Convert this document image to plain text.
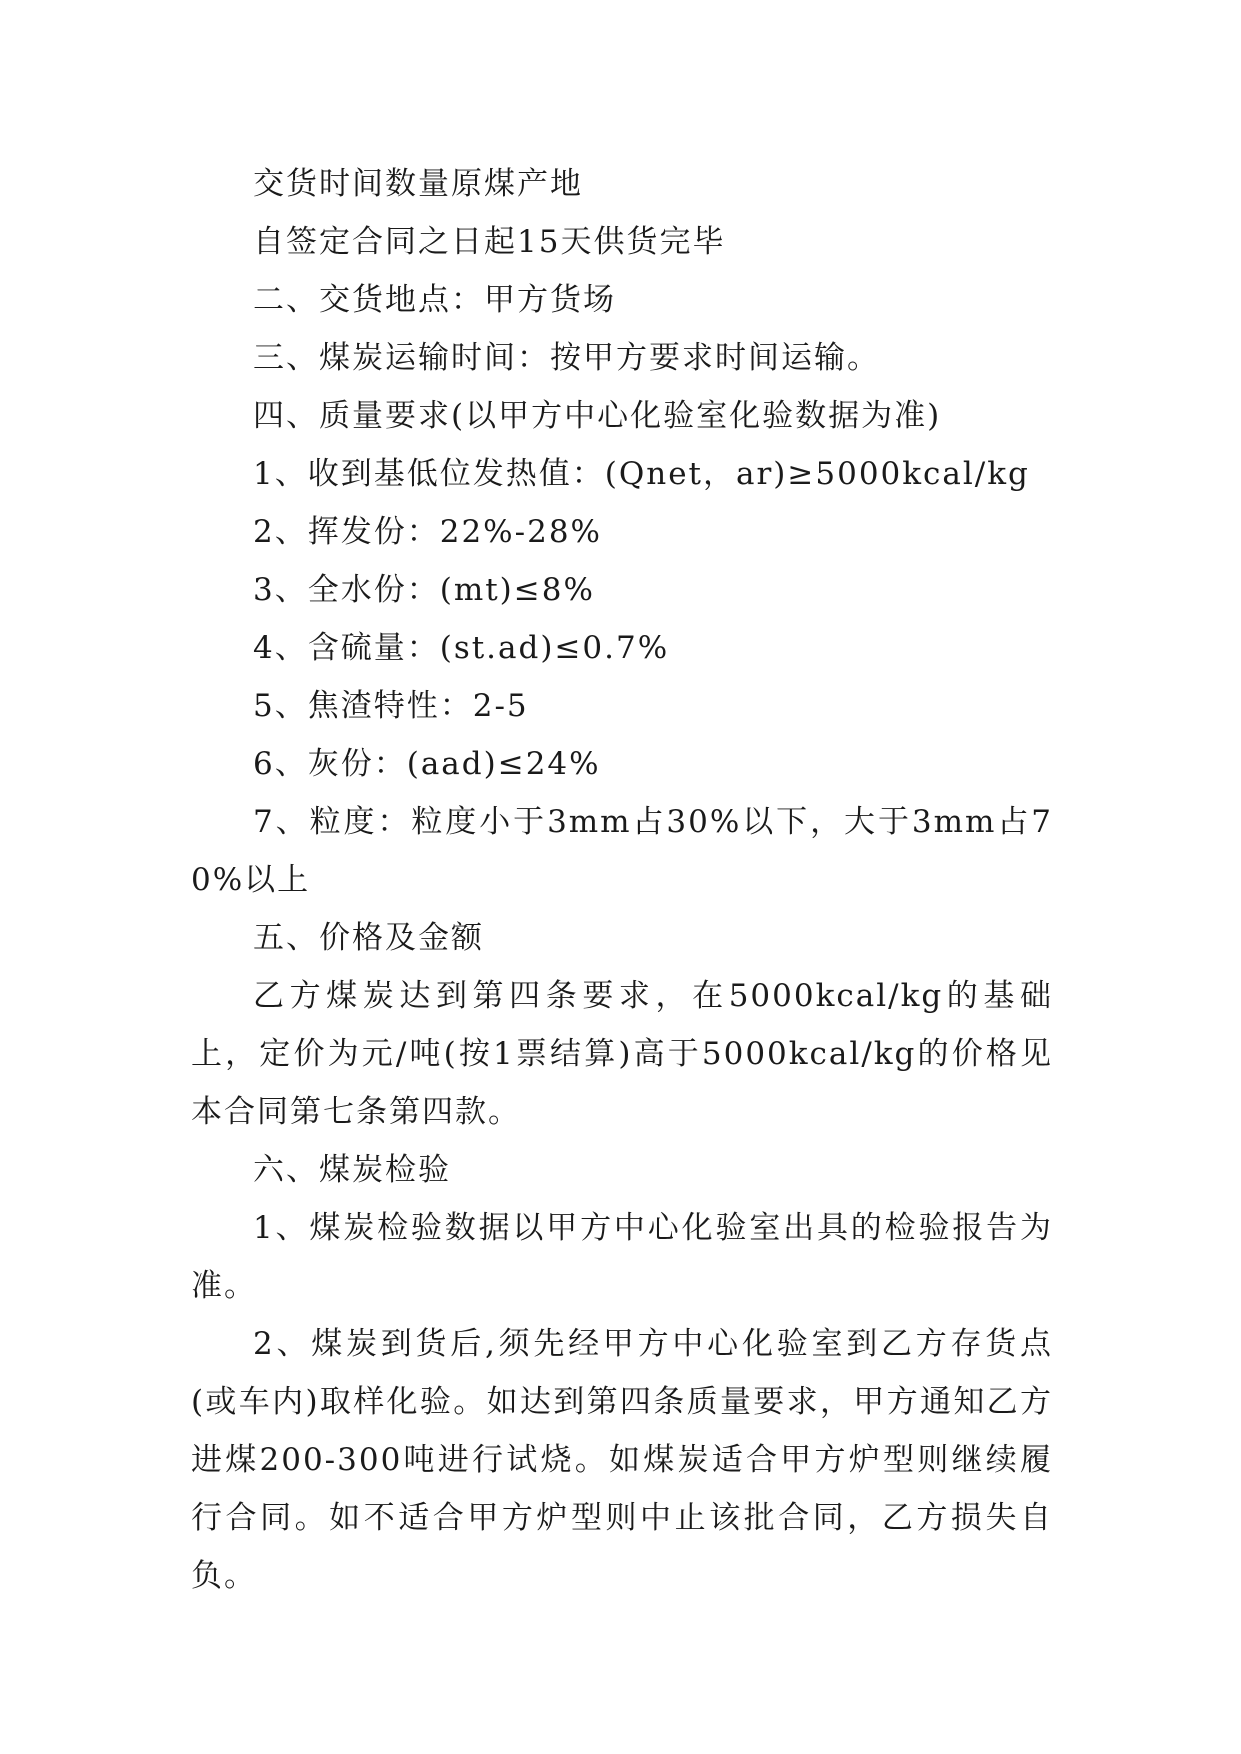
交货时间数量原煤产地

自签定合同之日起15天供货完毕

二、交货地点：甲方货场

三、煤炭运输时间：按甲方要求时间运输。

四、质量要求(以甲方中心化验室化验数据为准)

1、收到基低位发热值：(Qnet，ar)≥5000kcal/kg

2、挥发份：22%-28%

3、全水份：(mt)≤8%

4、含硫量：(st.ad)≤0.7%

5、焦渣特性：2-5

6、灰份：(aad)≤24%

7、粒度：粒度小于3mm占30%以下，大于3mm占70%以上

五、价格及金额

乙方煤炭达到第四条要求，在5000kcal/kg的基础上，定价为元/吨(按1票结算)高于5000kcal/kg的价格见本合同第七条第四款。

六、煤炭检验

1、煤炭检验数据以甲方中心化验室出具的检验报告为准。

2、煤炭到货后,须先经甲方中心化验室到乙方存货点(或车内)取样化验。如达到第四条质量要求，甲方通知乙方进煤200-300吨进行试烧。如煤炭适合甲方炉型则继续履行合同。如不适合甲方炉型则中止该批合同，乙方损失自负。
